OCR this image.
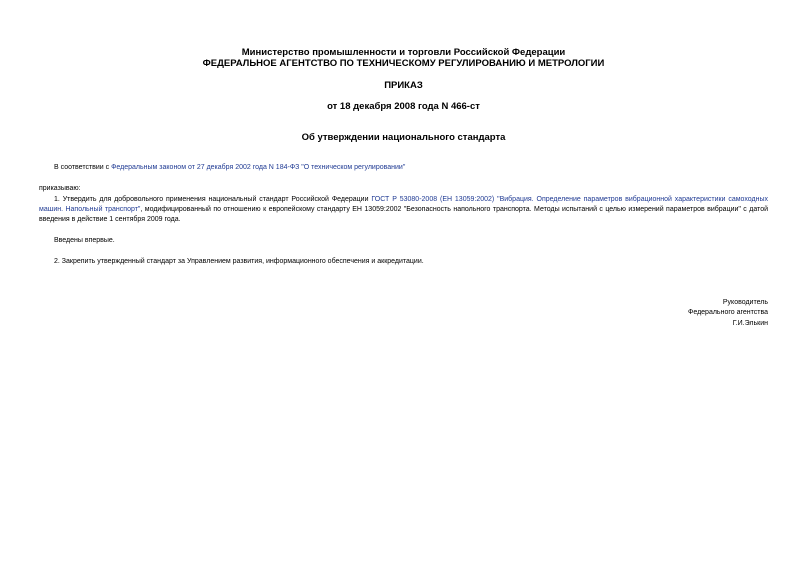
Министерство промышленности и торговли Российской Федерации
ФЕДЕРАЛЬНОЕ АГЕНТСТВО ПО ТЕХНИЧЕСКОМУ РЕГУЛИРОВАНИЮ И МЕТРОЛОГИИ
ПРИКАЗ
от 18 декабря 2008 года N 466-ст
Об утверждении национального стандарта
В соответствии с Федеральным законом от 27 декабря 2002 года N 184-ФЗ "О техническом регулировании"
приказываю:
1. Утвердить для добровольного применения национальный стандарт Российской Федерации ГОСТ Р 53080-2008 (ЕН 13059:2002) "Вибрация. Определение параметров вибрационной характеристики самоходных машин. Напольный транспорт", модифицированный по отношению к европейскому стандарту ЕН 13059:2002 "Безопасность напольного транспорта. Методы испытаний с целью измерений параметров вибрации" с датой введения в действие 1 сентября 2009 года.
Введены впервые.
2. Закрепить утвержденный стандарт за Управлением развития, информационного обеспечения и аккредитации.
Руководитель
Федерального агентства
Г.И.Элькин
